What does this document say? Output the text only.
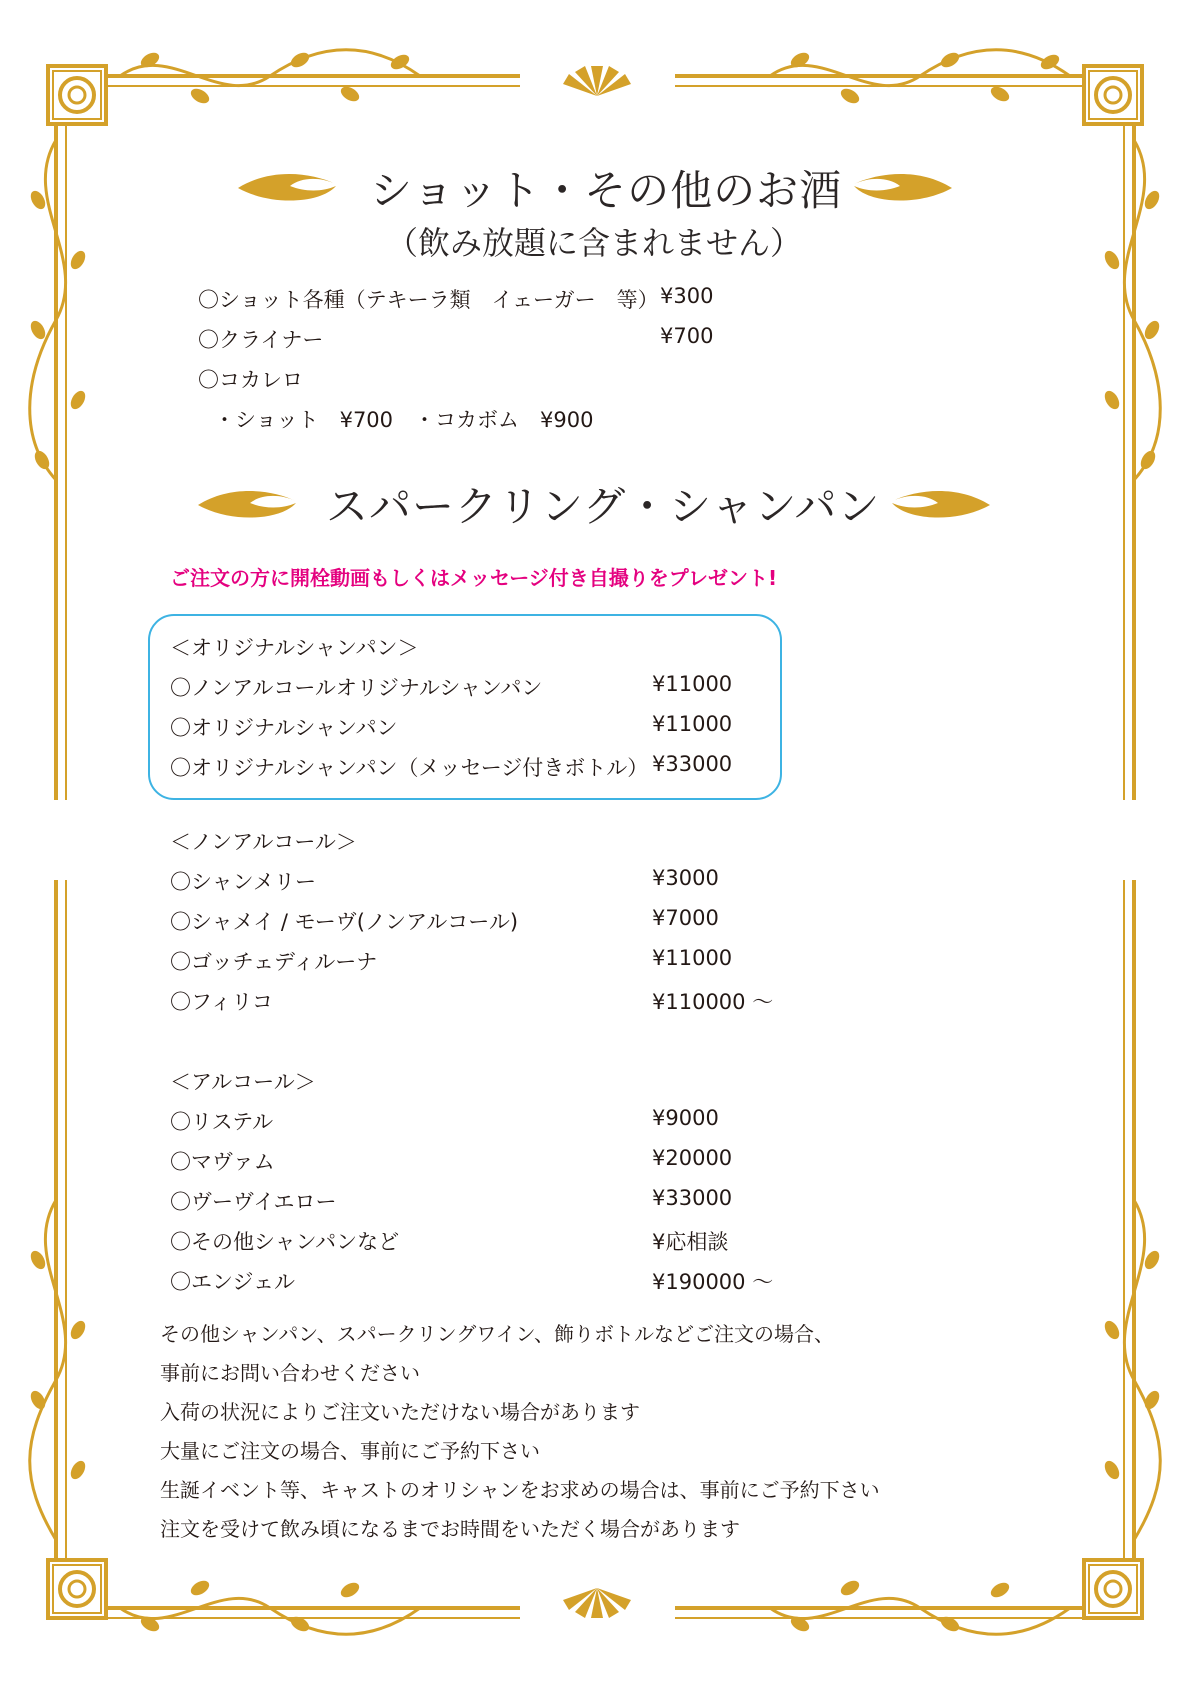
ショット・その他のお酒
（飲み放題に含まれません）
〇ショット各種（テキーラ類　イェーガー　等） ¥300
〇クライナー	¥700
〇コカレロ
・ショット　¥700　・コカボム　¥900
スパークリング・シャンパン
ご注文の方に開栓動画もしくはメッセージ付き自撮りをプレゼント!
＜オリジナルシャンパン＞
〇ノンアルコールオリジナルシャンパン	¥11000
〇オリジナルシャンパン	¥11000
〇オリジナルシャンパン（メッセージ付きボトル） ¥33000
＜ノンアルコール＞
〇シャンメリー	¥3000
〇シャメイ / モーヴ(ノンアルコール)	¥7000
〇ゴッチェディルーナ	¥11000
〇フィリコ	¥110000 ～
＜アルコール＞
〇リステル	¥9000
〇マヴァム	¥20000
〇ヴーヴイエロー	¥33000
〇その他シャンパンなど	¥応相談
〇エンジェル	¥190000 ～
その他シャンパン、スパークリングワイン、飾りボトルなどご注文の場合、
事前にお問い合わせください
入荷の状況によりご注文いただけない場合があります
大量にご注文の場合、事前にご予約下さい
生誕イベント等、キャストのオリシャンをお求めの場合は、事前にご予約下さい
注文を受けて飲み頃になるまでお時間をいただく場合があります
